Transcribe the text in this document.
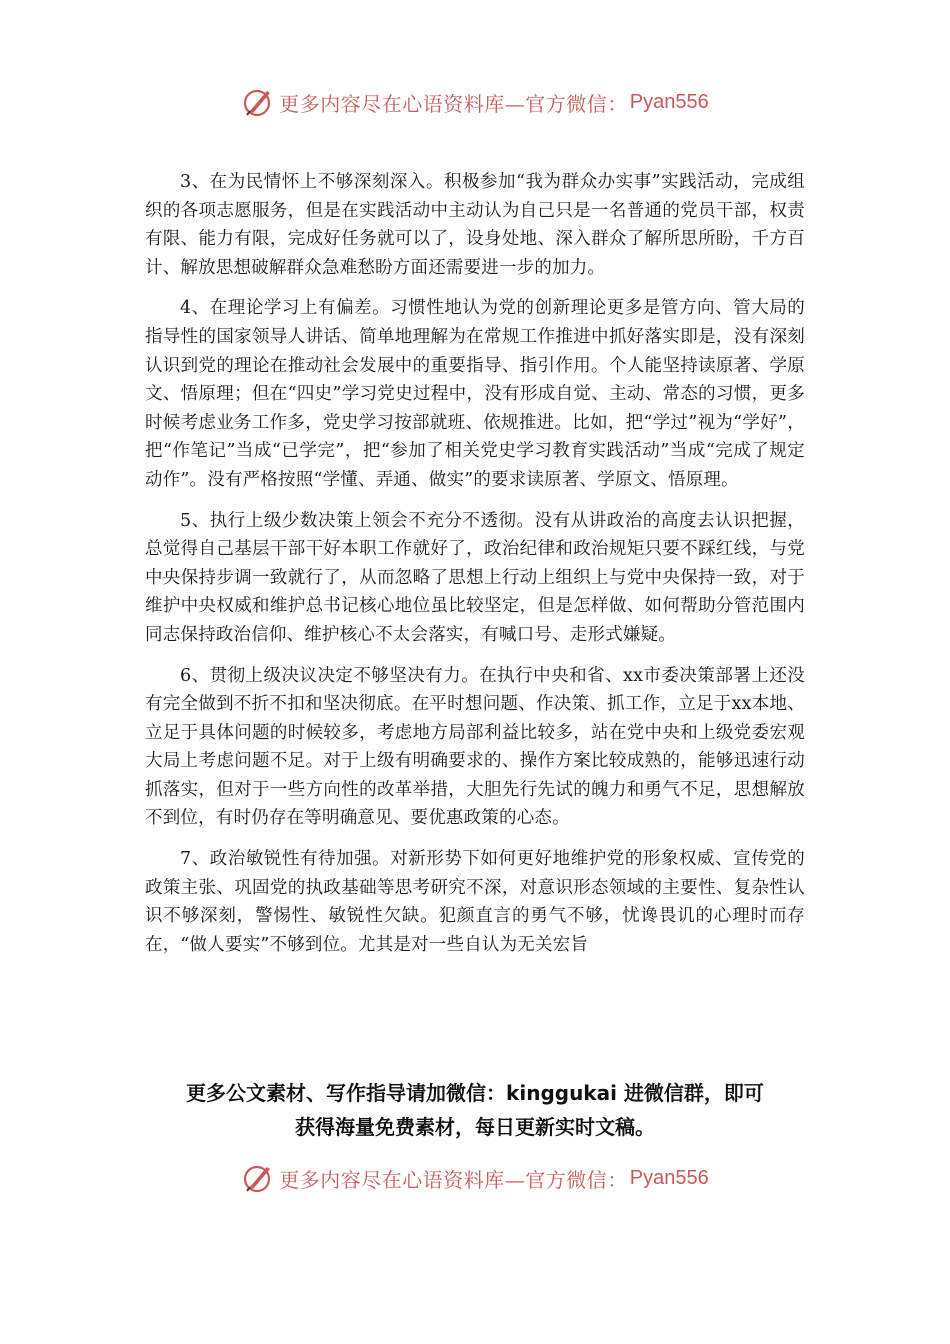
更多内容尽在心语资料库—官方微信： Pyan556

3、在为民情怀上不够深刻深入。积极参加“我为群众办实事”实践活动，完成组织的各项志愿服务，但是在实践活动中主动认为自己只是一名普通的党员干部，权责有限、能力有限，完成好任务就可以了，设身处地、深入群众了解所思所盼，千方百计、解放思想破解群众急难愁盼方面还需要进一步的加力。

4、在理论学习上有偏差。习惯性地认为党的创新理论更多是管方向、管大局的指导性的国家领导人讲话、简单地理解为在常规工作推进中抓好落实即是，没有深刻认识到党的理论在推动社会发展中的重要指导、指引作用。个人能坚持读原著、学原文、悟原理；但在“四史”学习党史过程中，没有形成自觉、主动、常态的习惯，更多时候考虑业务工作多，党史学习按部就班、依规推进。比如，把“学过”视为“学好”，把“作笔记”当成“已学完”，把“参加了相关党史学习教育实践活动”当成“完成了规定动作”。没有严格按照“学懂、弄通、做实”的要求读原著、学原文、悟原理。

5、执行上级少数决策上领会不充分不透彻。没有从讲政治的高度去认识把握，总觉得自己基层干部干好本职工作就好了，政治纪律和政治规矩只要不踩红线，与党中央保持步调一致就行了，从而忽略了思想上行动上组织上与党中央保持一致，对于维护中央权威和维护总书记核心地位虽比较坚定，但是怎样做、如何帮助分管范围内同志保持政治信仰、维护核心不太会落实，有喊口号、走形式嫌疑。

6、贯彻上级决议决定不够坚决有力。在执行中央和省、xx市委决策部署上还没有完全做到不折不扣和坚决彻底。在平时想问题、作决策、抓工作，立足于xx本地、立足于具体问题的时候较多，考虑地方局部利益比较多，站在党中央和上级党委宏观大局上考虑问题不足。对于上级有明确要求的、操作方案比较成熟的，能够迅速行动抓落实，但对于一些方向性的改革举措，大胆先行先试的魄力和勇气不足，思想解放不到位，有时仍存在等明确意见、要优惠政策的心态。

7、政治敏锐性有待加强。对新形势下如何更好地维护党的形象权威、宣传党的政策主张、巩固党的执政基础等思考研究不深，对意识形态领域的主要性、复杂性认识不够深刻，警惕性、敏锐性欠缺。犯颜直言的勇气不够，忧谗畏讥的心理时而存在，“做人要实”不够到位。尤其是对一些自认为无关宏旨

更多公文素材、写作指导请加微信：kinggukai 进微信群，即可
获得海量免费素材，每日更新实时文稿。
更多内容尽在心语资料库—官方微信： Pyan556
